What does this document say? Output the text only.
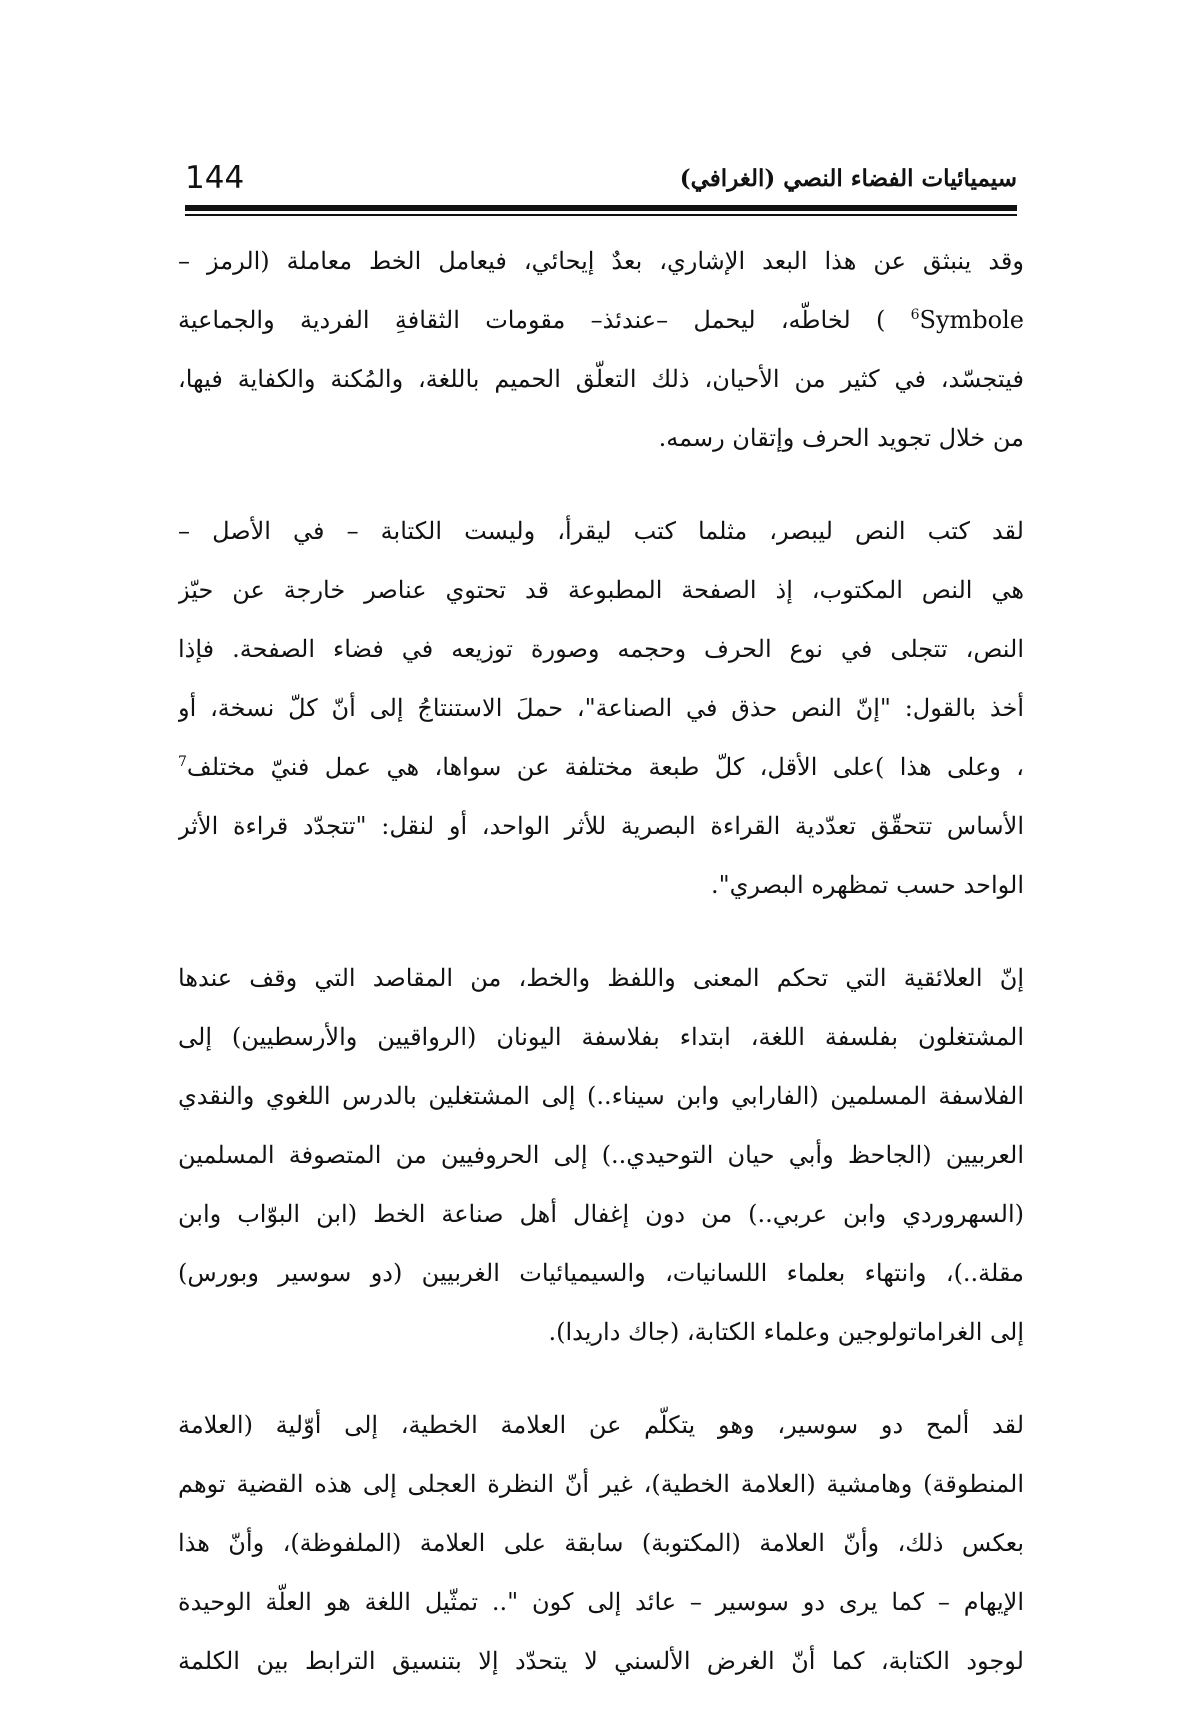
144	سيميائيات الفضاء النصي (الغرافي)
وقد ينبثق عن هذا البعد الإشاري، بعدٌ إيحائي، فيعامل الخط معاملة (الرمز –
$^6$Symbole ) لخاطّه، ليحمل –عندئذ– مقومات الثقافةِ الفردية والجماعية
فيتجسّد، في كثير من الأحيان، ذلك التعلّق الحميم باللغة، والمُكنة والكفاية فيها،
من خلال تجويد الحرف وإتقان رسمه.
لقد كتب النص ليبصر، مثلما كتب ليقرأ، وليست الكتابة – في الأصل –
هي النص المكتوب، إذ الصفحة المطبوعة قد تحتوي عناصر خارجة عن حيّز
النص، تتجلى في نوع الحرف وحجمه وصورة توزيعه في فضاء الصفحة. فإذا
أخذ بالقول: "إنّ النص حذق في الصناعة"، حملَ الاستنتاجُ إلى أنّ كلّ نسخة، أو
، وعلى هذا )على الأقل، كلّ طبعة مختلفة عن سواها، هي عمل فنيّ مختلف$^7$
الأساس تتحقّق تعدّدية القراءة البصرية للأثر الواحد، أو لنقل: "تتجدّد قراءة الأثر
الواحد حسب تمظهره البصري".
إنّ العلائقية التي تحكم المعنى واللفظ والخط، من المقاصد التي وقف عندها
المشتغلون بفلسفة اللغة، ابتداء بفلاسفة اليونان (الرواقيين والأرسطيين) إلى
الفلاسفة المسلمين (الفارابي وابن سيناء..) إلى المشتغلين بالدرس اللغوي والنقدي
العربيين (الجاحظ وأبي حيان التوحيدي..) إلى الحروفيين من المتصوفة المسلمين
(السهروردي وابن عربي..) من دون إغفال أهل صناعة الخط (ابن البوّاب وابن
مقلة..)، وانتهاء بعلماء اللسانيات، والسيميائيات الغربيين (دو سوسير وبورس)
إلى الغراماتولوجين وعلماء الكتابة، (جاك داريدا).
لقد ألمح دو سوسير، وهو يتكلّم عن العلامة الخطية، إلى أوّلية (العلامة
المنطوقة) وهامشية (العلامة الخطية)، غير أنّ النظرة العجلى إلى هذه القضية توهم
بعكس ذلك، وأنّ العلامة (المكتوبة) سابقة على العلامة (الملفوظة)، وأنّ هذا
الإيهام – كما يرى دو سوسير – عائد إلى كون ".. تمثّيل اللغة هو العلّة الوحيدة
لوجود الكتابة، كما أنّ الغرض الألسني لا يتحدّد إلا بتنسيق الترابط بين الكلمة
